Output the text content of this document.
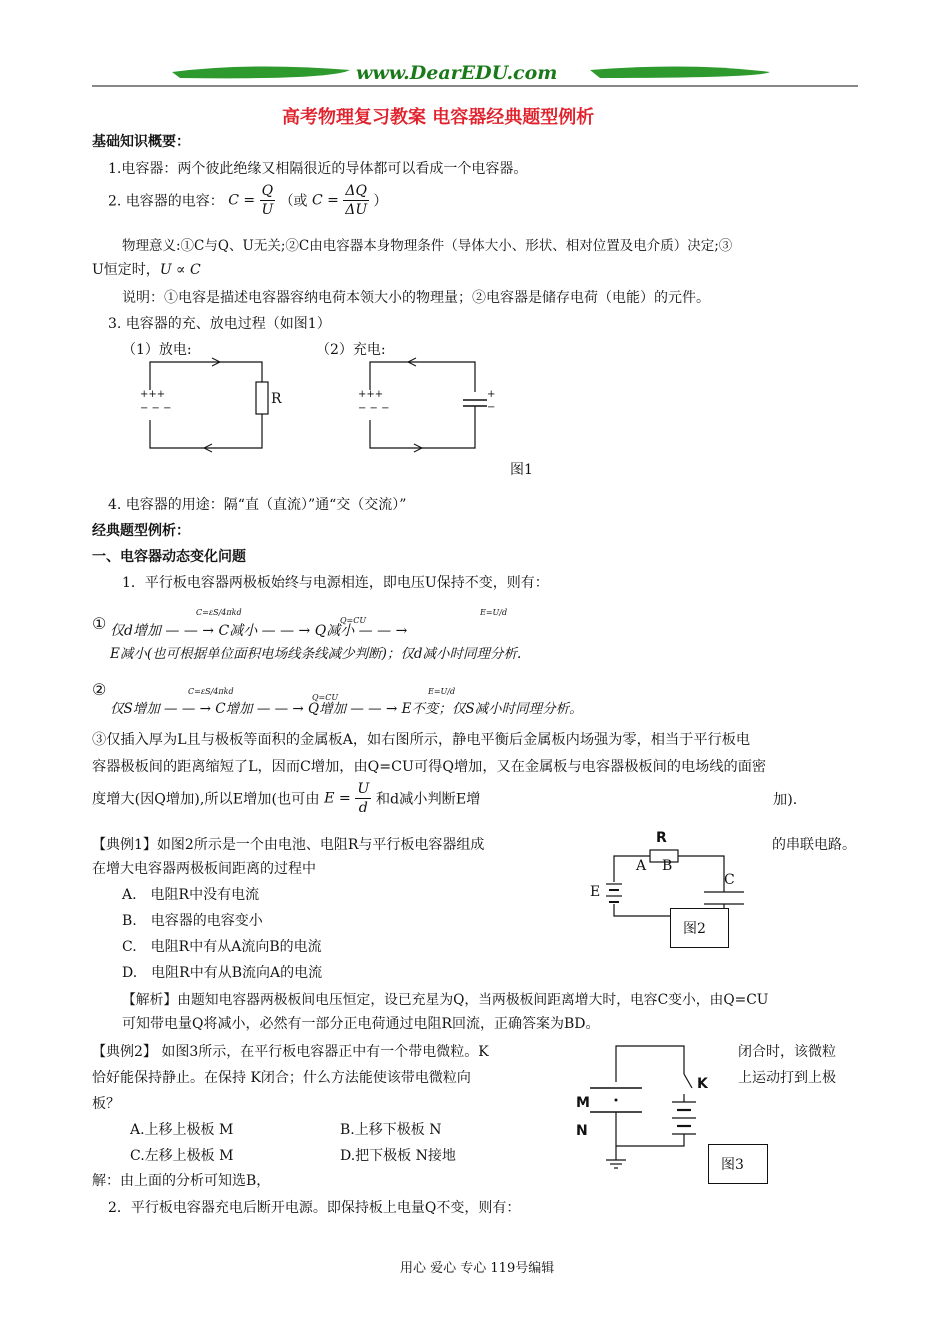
www.DearEDU.com
高考物理复习教案 电容器经典题型例析
基础知识概要：
1.电容器：两个彼此绝缘又相隔很近的导体都可以看成一个电容器。
2. 电容器的电容： $C = \frac{Q}{U}$ （或 $C = \frac{\Delta Q}{\Delta U}$ ）
物理意义:①C与Q、U无关;②C由电容器本身物理条件（导体大小、形状、相对位置及电介质）决定;③
U恒定时，U ∝ C
说明：①电容是描述电容器容纳电荷本领大小的物理量；②电容器是储存电荷（电能）的元件。
3. 电容器的充、放电过程（如图1）
（1）放电:	（2）充电:
+++
− − −
R	+++
− − −
+
−
图1
4. 电容器的用途：隔“直（直流）”通“交（交流）”
经典题型例析：
一、电容器动态变化问题
1．平行板电容器两极板始终与电源相连，即电压U保持不变，则有：
①
C=εS/4πkd
Q=CU
E=U/d
仅d增加 — — → C减小 — — → Q减小 — — →
E减小(也可根据单位面积电场线条线减少判断)；仅d减小时同理分析.
②	C=εS/4πkd
Q=CU
E=U/d
仅S增加 — — → C增加 — — → Q增加 — — → E不变；仅S减小时同理分析。
③仅插入厚为L且与极板等面积的金属板A，如右图所示，静电平衡后金属板内场强为零，相当于平行板电
容器极板间的距离缩短了L，因而C增加，由Q=CU可得Q增加，又在金属板与电容器极板间的电场线的面密
度增大(因Q增加),所以E增加(也可由 $E = \frac{U}{d}$ 和d减小判断E增	加).
【典例1】如图2所示是一个由电池、电阻R与平行板电容器组成	的串联电路。
在增大电容器两极板间距离的过程中
A.　电阻R中没有电流
B.　电容器的电容变小
C.　电阻R中有从A流向B的电流
D.　电阻R中有从B流向A的电流
【解析】由题知电容器两极板间电压恒定，设已充星为Q，当两极板间距离增大时，电容C变小，由Q=CU
可知带电量Q将减小，必然有一部分正电荷通过电阻R回流，正确答案为BD。
R
A B
C
E
图2
【典例2】 如图3所示，在平行板电容器正中有一个带电微粒。K	闭合时，该微粒
恰好能保持静止。在保持 K闭合；什么方法能使该带电微粒向	上运动打到上极
板？
A.上移上极板 M	B.上移下极板 N
C.左移上极板 M	D.把下极板 N接地
解：由上面的分析可知选B，
M
N
K
图3
2．平行板电容器充电后断开电源。即保持板上电量Q不变，则有：
用心 爱心 专心 119号编辑
